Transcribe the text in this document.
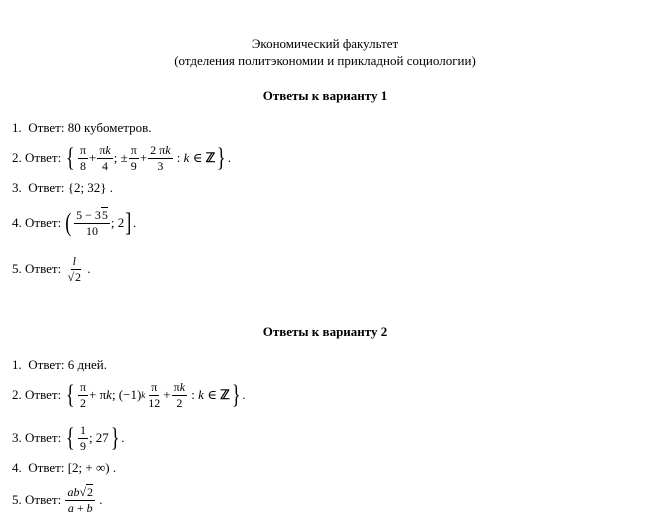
Экономический факультет
(отделения политэкономии и прикладной социологии)
Ответы к варианту 1
1. Ответ: 80 кубометров.
2.
Ответ:
{ $\frac{\pi}{8} + \frac{\pi k}{4}$ ; ± $\frac{\pi}{9} + \frac{2 \pi k}{3}$ : k ∈ ℤ } .
3. Ответ: {2; 32} .
4.
Ответ:
( $\frac{5 - 35}{10}$ ; 2 ] .
5.
Ответ:
$\frac{l}{√2}$ .
Ответы к варианту 2
1. Ответ: 6 дней.
2.
Ответ:
{ $\frac{\pi}{2} + \pi$ k ; (−1) k $\frac{\pi}{12} + \frac{\pi k}{2}$ : k ∈ ℤ } .
3.
Ответ:
{ $\frac{1}{9}$ ; 27 } .
4. Ответ: [2; + ∞) .
5.
Ответ:
$\frac{ab√2}{a + b}$ .
